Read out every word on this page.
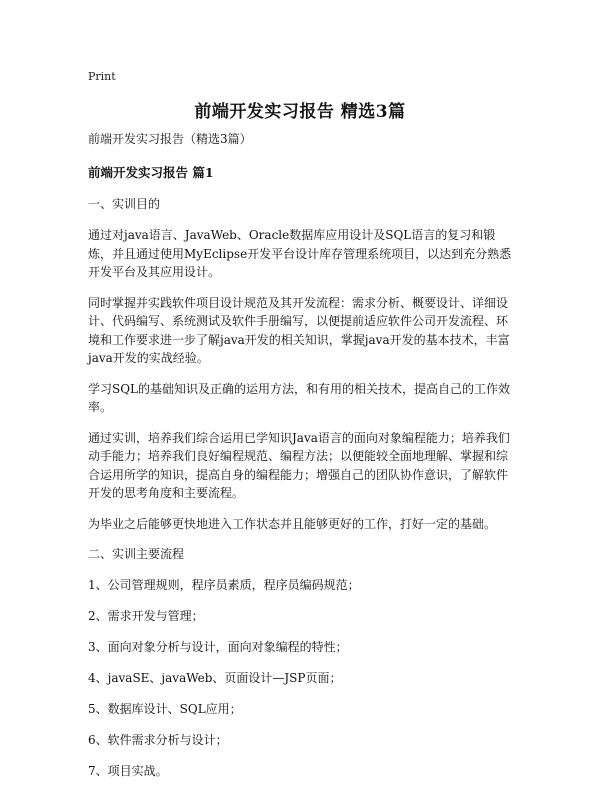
Print
前端开发实习报告 精选3篇

前端开发实习报告（精选3篇）

前端开发实习报告 篇1

一、实训目的

通过对java语言、JavaWeb、Oracle数据库应用设计及SQL语言的复习和锻炼，并且通过使用MyEclipse开发平台设计库存管理系统项目，以达到充分熟悉开发平台及其应用设计。

同时掌握并实践软件项目设计规范及其开发流程：需求分析、概要设计、详细设计、代码编写、系统测试及软件手册编写，以便提前适应软件公司开发流程、环境和工作要求进一步了解java开发的相关知识，掌握java开发的基本技术，丰富java开发的实战经验。

学习SQL的基础知识及正确的运用方法，和有用的相关技术，提高自己的工作效率。

通过实训，培养我们综合运用已学知识Java语言的面向对象编程能力；培养我们动手能力；培养我们良好编程规范、编程方法；以便能较全面地理解、掌握和综合运用所学的知识，提高自身的编程能力；增强自己的团队协作意识，了解软件开发的思考角度和主要流程。

为毕业之后能够更快地进入工作状态并且能够更好的工作，打好一定的基础。

二、实训主要流程

1、公司管理规则，程序员素质，程序员编码规范；

2、需求开发与管理；

3、面向对象分析与设计，面向对象编程的特性；

4、javaSE、javaWeb、页面设计—JSP页面；

5、数据库设计、SQL应用；

6、软件需求分析与设计；

7、项目实战。
